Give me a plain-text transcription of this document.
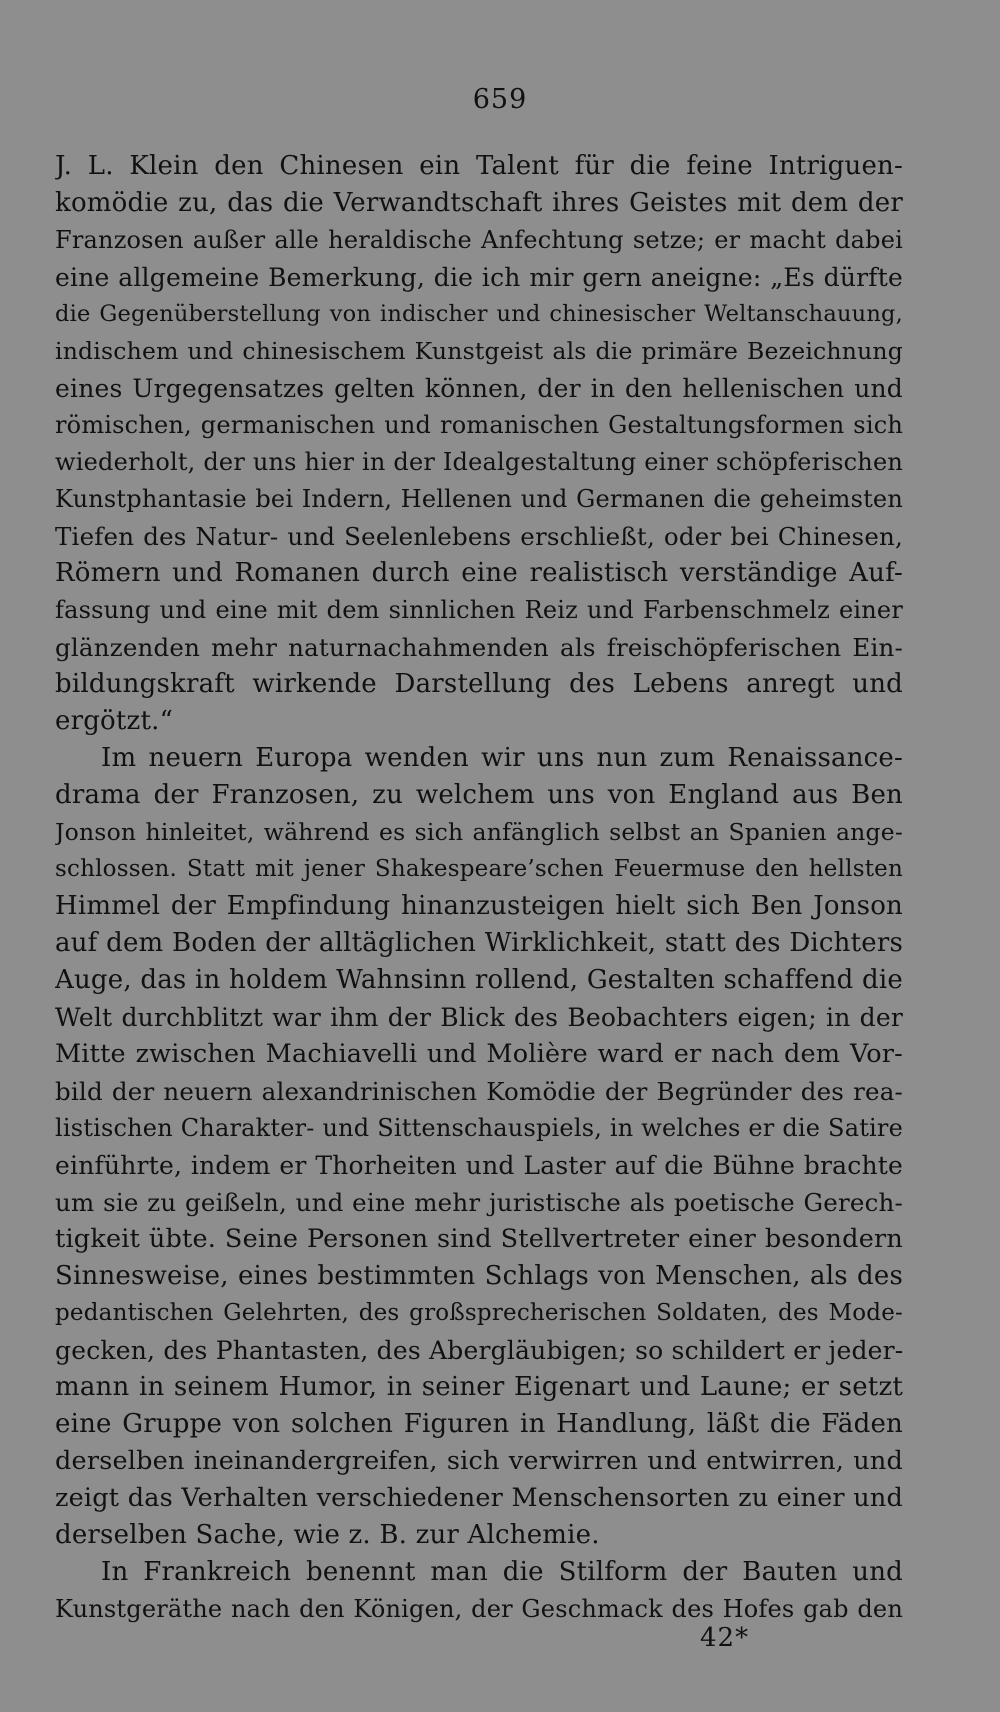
659
J. L. Klein den Chinesen ein Talent für die feine Intriguen-
komödie zu, das die Verwandtschaft ihres Geistes mit dem der
Franzosen außer alle heraldische Anfechtung setze; er macht dabei
eine allgemeine Bemerkung, die ich mir gern aneigne: „Es dürfte
die Gegenüberstellung von indischer und chinesischer Weltanschauung,
indischem und chinesischem Kunstgeist als die primäre Bezeichnung
eines Urgegensatzes gelten können, der in den hellenischen und
römischen, germanischen und romanischen Gestaltungsformen sich
wiederholt, der uns hier in der Idealgestaltung einer schöpferischen
Kunstphantasie bei Indern, Hellenen und Germanen die geheimsten
Tiefen des Natur- und Seelenlebens erschließt, oder bei Chinesen,
Römern und Romanen durch eine realistisch verständige Auf-
fassung und eine mit dem sinnlichen Reiz und Farbenschmelz einer
glänzenden mehr naturnachahmenden als freischöpferischen Ein-
bildungskraft wirkende Darstellung des Lebens anregt und
ergötzt.“
Im neuern Europa wenden wir uns nun zum Renaissance-
drama der Franzosen, zu welchem uns von England aus Ben
Jonson hinleitet, während es sich anfänglich selbst an Spanien ange-
schlossen. Statt mit jener Shakespeare’schen Feuermuse den hellsten
Himmel der Empfindung hinanzusteigen hielt sich Ben Jonson
auf dem Boden der alltäglichen Wirklichkeit, statt des Dichters
Auge, das in holdem Wahnsinn rollend, Gestalten schaffend die
Welt durchblitzt war ihm der Blick des Beobachters eigen; in der
Mitte zwischen Machiavelli und Molière ward er nach dem Vor-
bild der neuern alexandrinischen Komödie der Begründer des rea-
listischen Charakter- und Sittenschauspiels, in welches er die Satire
einführte, indem er Thorheiten und Laster auf die Bühne brachte
um sie zu geißeln, und eine mehr juristische als poetische Gerech-
tigkeit übte. Seine Personen sind Stellvertreter einer besondern
Sinnesweise, eines bestimmten Schlags von Menschen, als des
pedantischen Gelehrten, des großsprecherischen Soldaten, des Mode-
gecken, des Phantasten, des Abergläubigen; so schildert er jeder-
mann in seinem Humor, in seiner Eigenart und Laune; er setzt
eine Gruppe von solchen Figuren in Handlung, läßt die Fäden
derselben ineinandergreifen, sich verwirren und entwirren, und
zeigt das Verhalten verschiedener Menschensorten zu einer und
derselben Sache, wie z. B. zur Alchemie.
In Frankreich benennt man die Stilform der Bauten und
Kunstgeräthe nach den Königen, der Geschmack des Hofes gab den
42*
